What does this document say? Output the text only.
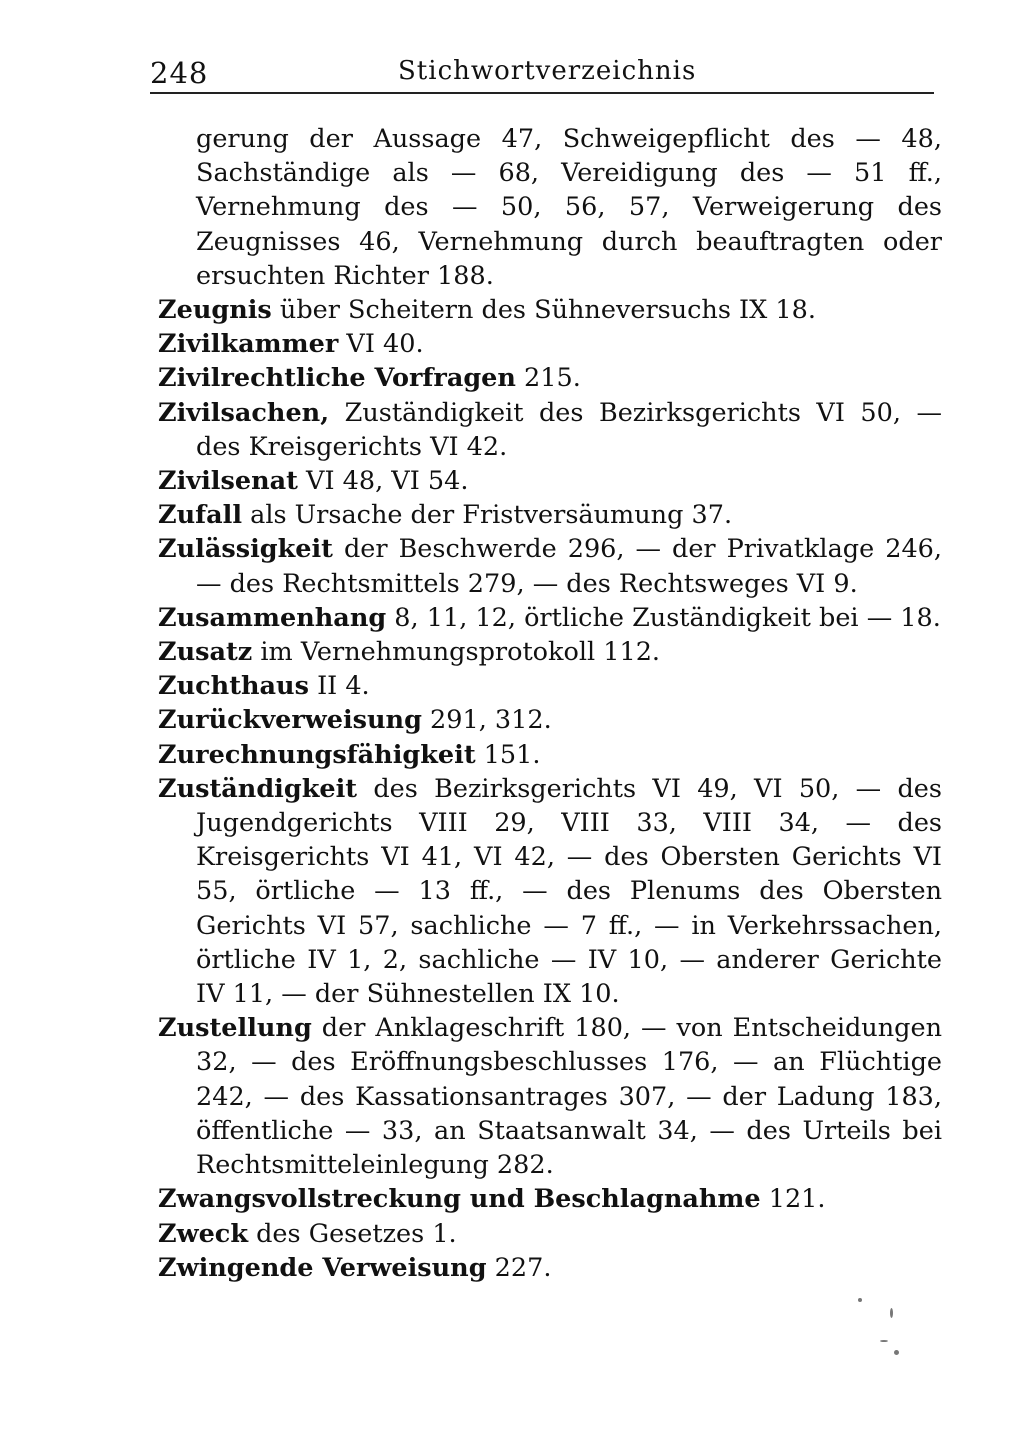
248	Stichwortverzeichnis

gerung der Aussage 47, Schweigepflicht des — 48, Sachständige als — 68, Vereidigung des — 51 ff., Vernehmung des — 50, 56, 57, Verweigerung des Zeugnisses 46, Vernehmung durch beauftragten oder ersuchten Richter 188.

Zeugnis über Scheitern des Sühneversuchs IX 18.

Zivilkammer VI 40.

Zivilrechtliche Vorfragen 215.

Zivilsachen, Zuständigkeit des Bezirksgerichts VI 50, — des Kreisgerichts VI 42.

Zivilsenat VI 48, VI 54.

Zufall als Ursache der Fristversäumung 37.

Zulässigkeit der Beschwerde 296, — der Privatklage 246, — des Rechtsmittels 279, — des Rechtsweges VI 9.

Zusammenhang 8, 11, 12, örtliche Zuständigkeit bei — 18.

Zusatz im Vernehmungsprotokoll 112.

Zuchthaus II 4.

Zurückverweisung 291, 312.

Zurechnungsfähigkeit 151.

Zuständigkeit des Bezirksgerichts VI 49, VI 50, — des Jugendgerichts VIII 29, VIII 33, VIII 34, — des Kreisgerichts VI 41, VI 42, — des Obersten Gerichts VI 55, örtliche — 13 ff., — des Plenums des Obersten Gerichts VI 57, sachliche — 7 ff., — in Verkehrssachen, örtliche IV 1, 2, sachliche — IV 10, — anderer Gerichte IV 11, — der Sühnestellen IX 10.

Zustellung der Anklageschrift 180, — von Entscheidungen 32, — des Eröffnungsbeschlusses 176, — an Flüchtige 242, — des Kassationsantrages 307, — der Ladung 183, öffentliche — 33, an Staatsanwalt 34, — des Urteils bei Rechtsmitteleinlegung 282.

Zwangsvollstreckung und Beschlagnahme 121.

Zweck des Gesetzes 1.

Zwingende Verweisung 227.
